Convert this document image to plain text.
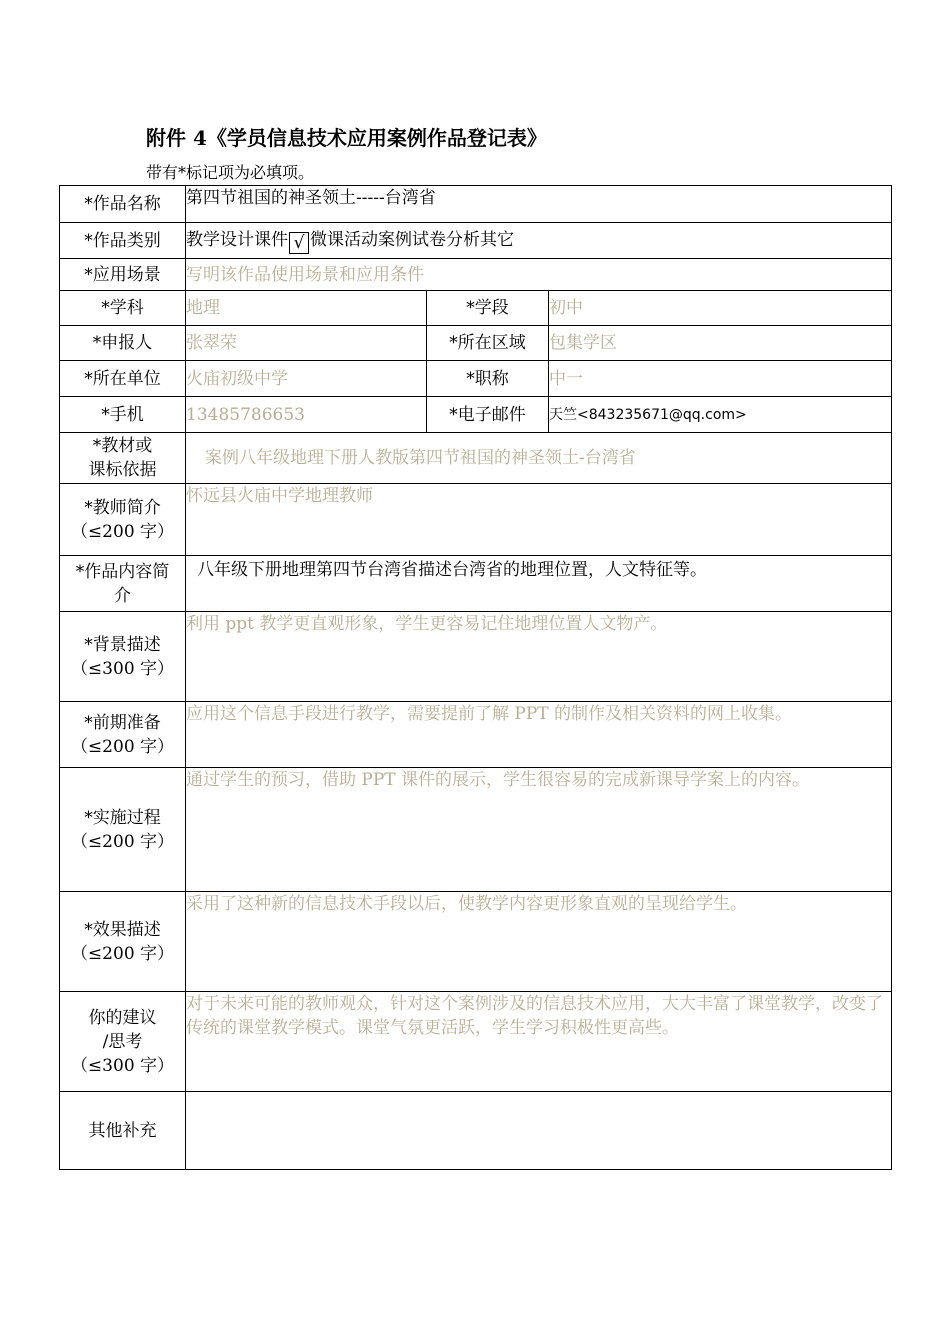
附件 4《学员信息技术应用案例作品登记表》
带有*标记项为必填项。
*作品名称	第四节祖国的神圣领土-----台湾省		
*作品类别	教学设计课件 √ 微课活动案例试卷分析其它		
*应用场景	写明该作品使用场景和应用条件		
*学科	地理	*学段	初中
*申报人	张翠荣	*所在区域	包集学区
*所在单位	火庙初级中学	*职称	中一
*手机	13485786653	*电子邮件	天竺<843235671@qq.com>

*教材或
课标依据	案例八年级地理下册人教版第四节祖国的神圣领土-台湾省		

*教师简介
（≤200 字）	怀远县火庙中学地理教师		

*作品内容简
介	八年级下册地理第四节台湾省描述台湾省的地理位置，人文特征等。		

*背景描述
（≤300 字）	利用 ppt 教学更直观形象，学生更容易记住地理位置人文物产。		

*前期准备
（≤200 字）	应用这个信息手段进行教学，需要提前了解 PPT 的制作及相关资料的网上收集。		

*实施过程
（≤200 字）	通过学生的预习，借助 PPT 课件的展示，学生很容易的完成新课导学案上的内容。		

*效果描述
（≤200 字）	采用了这种新的信息技术手段以后，使教学内容更形象直观的呈现给学生。		

你的建议
/思考
（≤300 字）	对于未来可能的教师观众，针对这个案例涉及的信息技术应用，大大丰富了课堂教学，改变了传统的课堂教学模式。课堂气氛更活跃，学生学习积极性更高些。		
其他补充			
